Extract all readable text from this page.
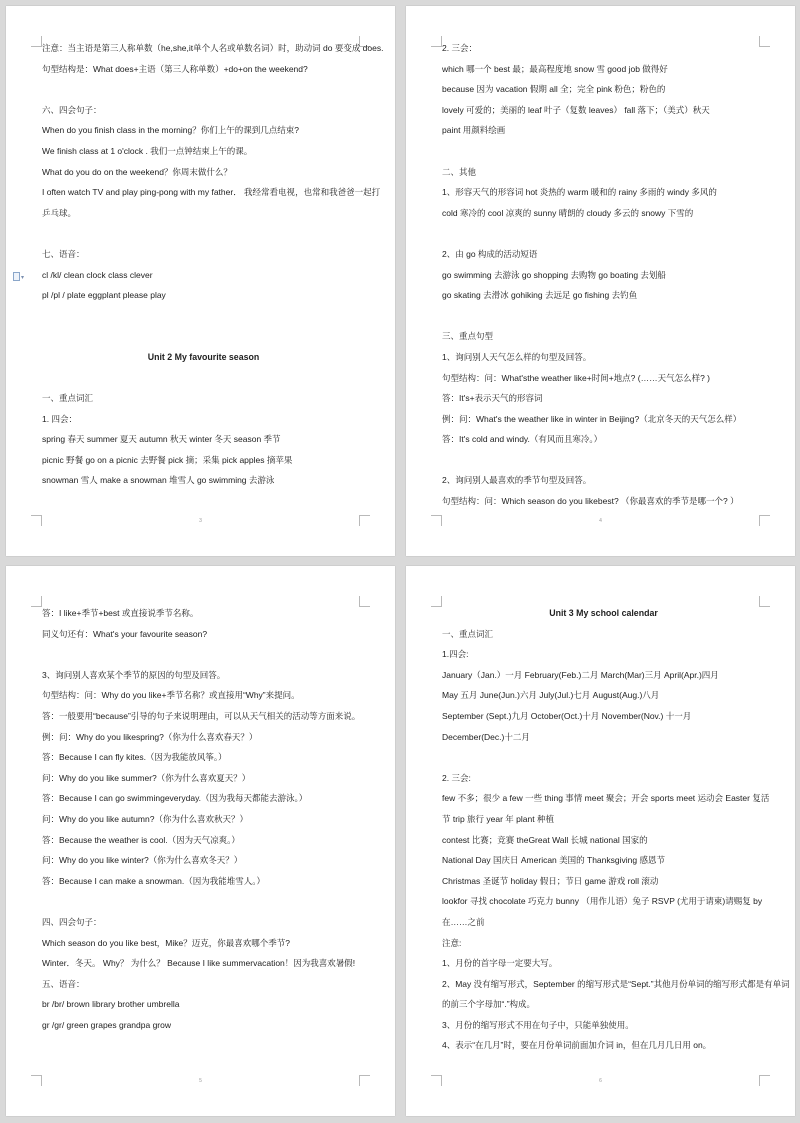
▾
注意：当主语是第三人称单数（he,she,it单个人名或单数名词）时，助动词 do 要变成 does.
句型结构是：What does+主语（第三人称单数）+do+on the weekend?
六、四会句子：
When do you finish class in the morning？你们上午的课到几点结束?
We finish class at 1 o'clock . 我们一点钟结束上午的课。
What do you do on the weekend？你周末做什么？
I often watch TV and play ping-pong with my father． 我经常看电视，也常和我爸爸一起打
乒乓球。
七、语音：
cl /kl/ clean clock class clever
pl /pl / plate eggplant please play
Unit 2 My favourite season
一、重点词汇
1. 四会：
spring 春天 summer 夏天 autumn 秋天 winter 冬天 season 季节
picnic 野餐 go on a picnic 去野餐 pick 摘；采集 pick apples 摘苹果
snowman 雪人 make a snowman 堆雪人 go swimming 去游泳
3
2. 三会：
which 哪一个 best 最；最高程度地 snow 雪 good job 做得好
because 因为 vacation 假期 all 全；完全 pink 粉色；粉色的
lovely 可爱的；美丽的 leaf 叶子（复数 leaves） fall 落下；（美式）秋天
paint 用颜料绘画
二、其他
1、形容天气的形容词 hot 炎热的 warm 暖和的 rainy 多雨的 windy 多风的
cold 寒冷的 cool 凉爽的 sunny 晴朗的 cloudy 多云的 snowy 下雪的
2、由 go 构成的活动短语
go swimming 去游泳 go shopping 去购物 go boating 去划船
go skating 去滑冰 gohiking 去远足 go fishing 去钓鱼
三、重点句型
1、询问别人天气怎么样的句型及回答。
句型结构：问：What'sthe weather like+时间+地点? (……天气怎么样? )
答：It's+表示天气的形容词
例：问：What's the weather like in winter in Beijing?（北京冬天的天气怎么样）
答：It's cold and windy.（有风而且寒冷。）
2、询问别人最喜欢的季节句型及回答。
句型结构：问：Which season do you likebest? （你最喜欢的季节是哪一个? ）
4
答：I like+季节+best 或直接说季节名称。
同义句还有：What's your favourite season?
3、询问别人喜欢某个季节的原因的句型及回答。
句型结构：问：Why do you like+季节名称？或直接用“Why”来提问。
答：一般要用“because”引导的句子来说明理由，可以从天气相关的活动等方面来说。
例：问：Why do you likespring?（你为什么喜欢春天？）
答：Because I can fly kites.（因为我能放风筝。）
问：Why do you like summer?（你为什么喜欢夏天？）
答：Because I can go swimmingeveryday.（因为我每天都能去游泳。）
问：Why do you like autumn?（你为什么喜欢秋天？）
答：Because the weather is cool.（因为天气凉爽。）
问：Why do you like winter?（你为什么喜欢冬天？）
答：Because I can make a snowman.（因为我能堆雪人。）
四、四会句子：
Which season do you like best，Mike？迈克，你最喜欢哪个季节?
Winter．冬天。 Why？ 为什么？ Because I like summervacation！因为我喜欢暑假!
五、语音：
br /br/ brown library brother umbrella
gr /gr/ green grapes grandpa grow
5
Unit 3 My school calendar
一、重点词汇
1.四会:
January（Jan.）一月 February(Feb.)二月 March(Mar)三月 April(Apr.)四月
May 五月 June(Jun.)六月 July(Jul.)七月 August(Aug.)八月
September (Sept.)九月 October(Oct.)十月 November(Nov.) 十一月
December(Dec.)十二月
2. 三会:
few 不多；很少 a few 一些 thing 事情 meet 聚会；开会 sports meet 运动会 Easter 复活
节 trip 旅行 year 年 plant 种植
contest 比赛；竞赛 theGreat Wall 长城 national 国家的
National Day 国庆日 American 美国的 Thanksgiving 感恩节
Christmas 圣诞节 holiday 假日；节日 game 游戏 roll 滚动
lookfor 寻找 chocolate 巧克力 bunny （用作儿语）兔子 RSVP (尤用于请柬)请赐复 by
在……之前
注意:
1、月份的首字母一定要大写。
2、May 没有缩写形式，September 的缩写形式是“Sept.”其他月份单词的缩写形式都是有单词
的前三个字母加“.”构成。
3、月份的缩写形式不用在句子中，只能单独使用。
4、表示“在几月”时，要在月份单词前面加介词 in，但在几月几日用 on。
6
